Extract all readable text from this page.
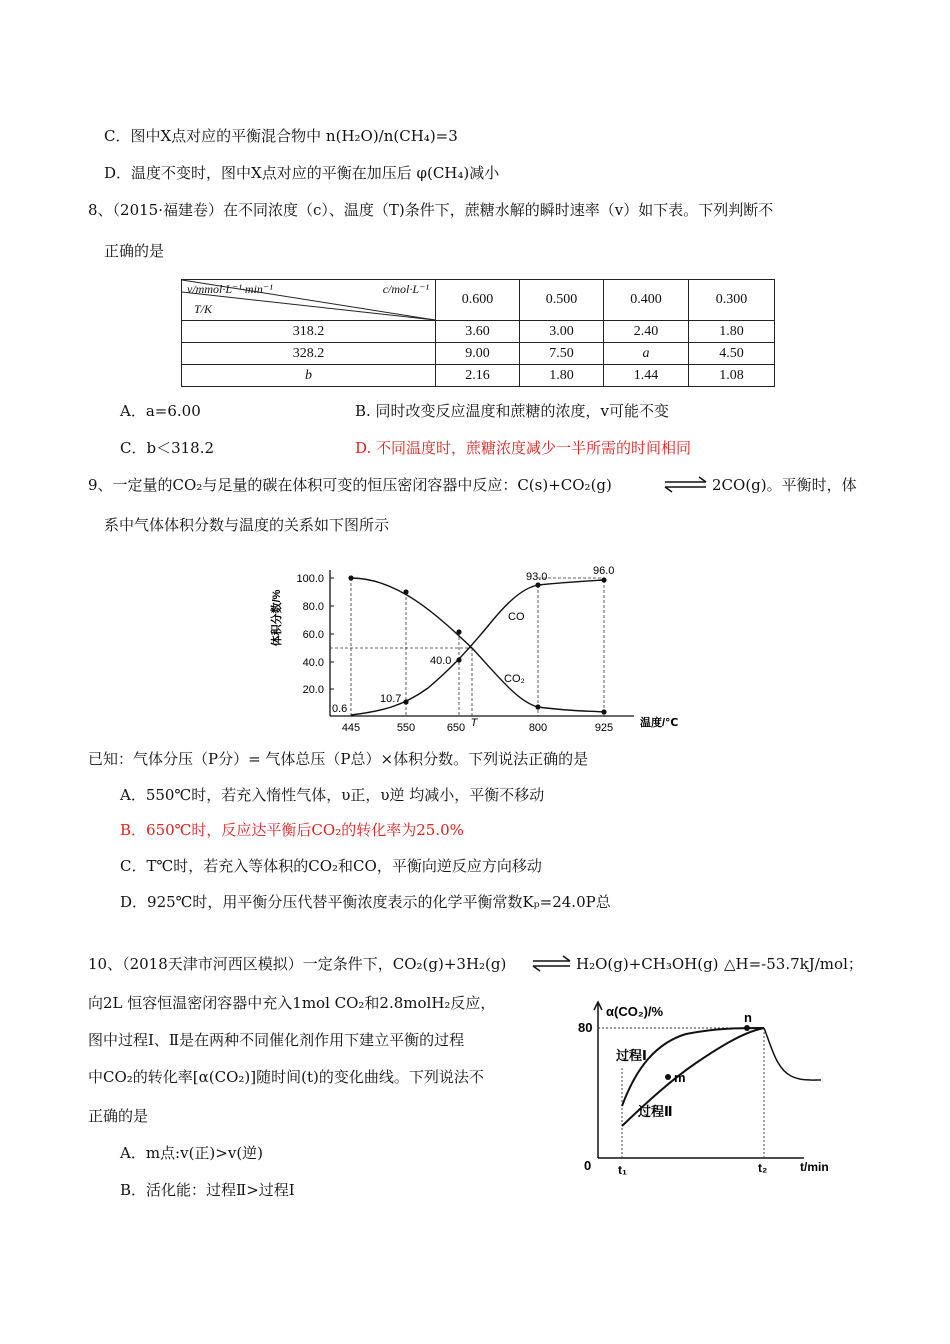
C．图中X点对应的平衡混合物中 n(H₂O)/n(CH₄)=3
D．温度不变时，图中X点对应的平衡在加压后 φ(CH₄)减小
8、（2015·福建卷）在不同浓度（c）、温度（T)条件下，蔗糖水解的瞬时速率（v）如下表。下列判断不
正确的是
v/mmol·L⁻¹·min⁻¹ c/mol·L⁻¹
T/K	0.600	0.500	0.400	0.300
318.2	3.60	3.00	2.40	1.80
328.2	9.00	7.50	a	4.50
b	2.16	1.80	1.44	1.08
A．a=6.00	B. 同时改变反应温度和蔗糖的浓度，v可能不变
C．b＜318.2	D. 不同温度时，蔗糖浓度减少一半所需的时间相同
9、一定量的CO₂与足量的碳在体积可变的恒压密闭容器中反应：C(s)+CO₂(g)	⇌ 2CO(g)。平衡时，体
系中气体体积分数与温度的关系如下图所示
体积分数/%
100.0
80.0
60.0
40.0
20.0
0.6
10.7
40.0
93.0	96.0
CO
CO₂
445	550	650 T	800	925 温度/℃
已知：气体分压（P分）= 气体总压（P总）×体积分数。下列说法正确的是
A．550℃时，若充入惰性气体，υ正，υ逆 均减小，平衡不移动
B．650℃时，反应达平衡后CO₂的转化率为25.0%
C．T℃时，若充入等体积的CO₂和CO，平衡向逆反应方向移动
D．925℃时，用平衡分压代替平衡浓度表示的化学平衡常数Kₚ=24.0P总
10、（2018天津市河西区模拟）一定条件下，CO₂(g)+3H₂(g) ⇌ H₂O(g)+CH₃OH(g) △H=-53.7kJ/mol；
向2L 恒容恒温密闭容器中充入1mol CO₂和2.8molH₂反应，
图中过程Ⅰ、Ⅱ是在两种不同催化剂作用下建立平衡的过程
中CO₂的转化率[α(CO₂)]随时间(t)的变化曲线。下列说法不
正确的是
A．m点:v(正)>v(逆)
B．活化能：过程Ⅱ>过程Ⅰ
α(CO₂)/%
80
0
m
n
过程Ⅰ
过程Ⅱ
t₁	t₂	t/min
